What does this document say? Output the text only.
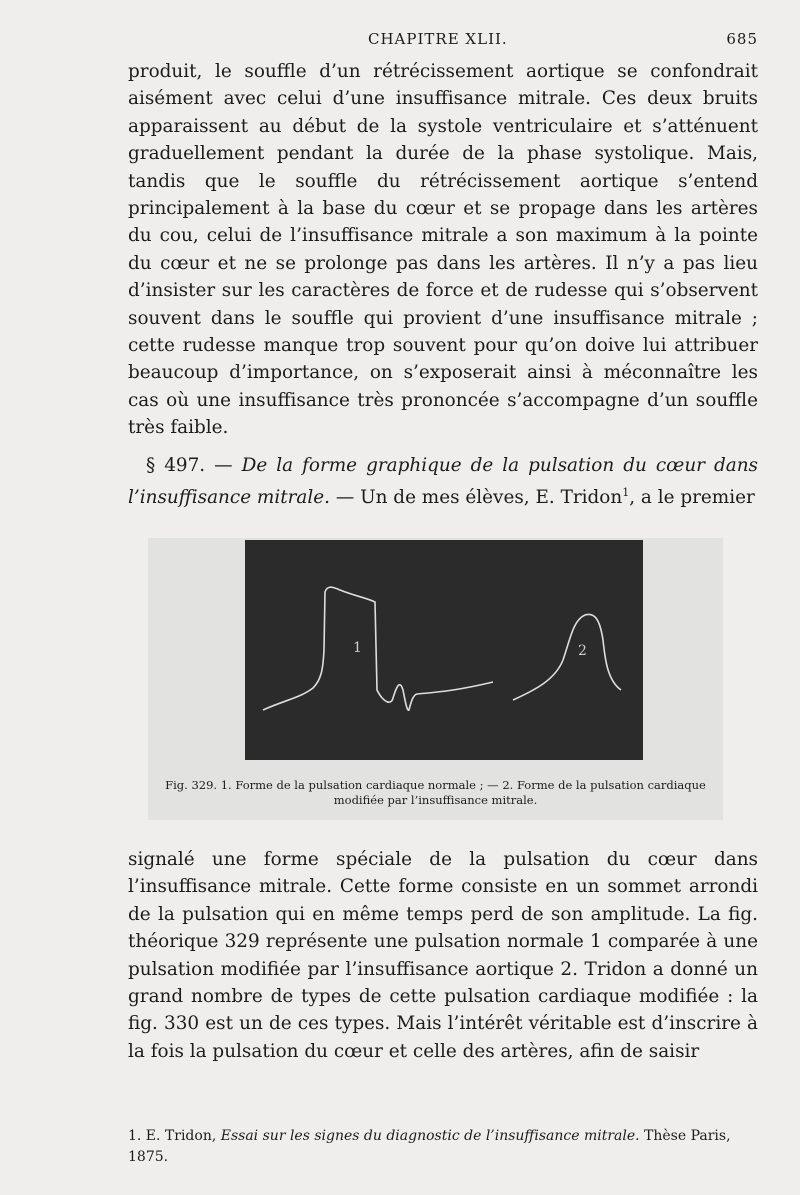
CHAPITRE XLII.	685

produit, le souffle d’un rétrécissement aortique se confondrait aisément avec celui d’une insuffisance mitrale. Ces deux bruits apparaissent au début de la systole ventriculaire et s’atténuent graduellement pendant la durée de la phase systolique. Mais, tandis que le souffle du rétrécissement aortique s’entend principalement à la base du cœur et se propage dans les artères du cou, celui de l’insuffisance mitrale a son maximum à la pointe du cœur et ne se prolonge pas dans les artères. Il n’y a pas lieu d’insister sur les caractères de force et de rudesse qui s’observent souvent dans le souffle qui provient d’une insuffisance mitrale ; cette rudesse manque trop souvent pour qu’on doive lui attribuer beaucoup d’importance, on s’exposerait ainsi à méconnaître les cas où une insuffisance très prononcée s’accompagne d’un souffle très faible.

§ 497. — De la forme graphique de la pulsation du cœur dans l’insuffisance mitrale. — Un de mes élèves, E. Tridon$^1$, a le premier

1	2
Fig. 329. 1. Forme de la pulsation cardiaque normale ; — 2. Forme de la pulsation cardiaque
modifiée par l’insuffisance mitrale.

signalé une forme spéciale de la pulsation du cœur dans l’insuffisance mitrale. Cette forme consiste en un sommet arrondi de la pulsation qui en même temps perd de son amplitude. La fig. théorique 329 représente une pulsation normale 1 comparée à une pulsation modifiée par l’insuffisance aortique 2. Tridon a donné un grand nombre de types de cette pulsation cardiaque modifiée : la fig. 330 est un de ces types. Mais l’intérêt véritable est d’inscrire à la fois la pulsation du cœur et celle des artères, afin de saisir

1. E. Tridon, Essai sur les signes du diagnostic de l’insuffisance mitrale. Thèse Paris, 1875.
